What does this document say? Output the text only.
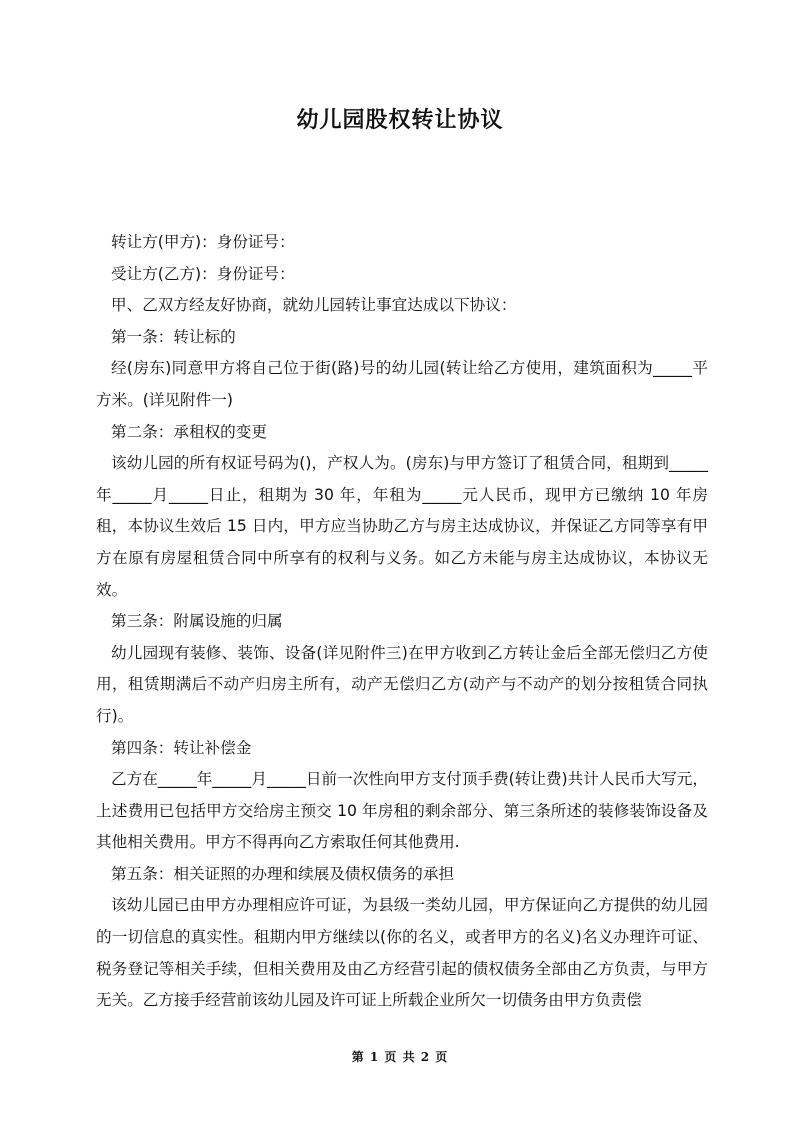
幼儿园股权转让协议

转让方(甲方)：身份证号：

受让方(乙方)：身份证号：

甲、乙双方经友好协商，就幼儿园转让事宜达成以下协议：

第一条：转让标的

经(房东)同意甲方将自己位于街(路)号的幼儿园(转让给乙方使用，建筑面积为_____平方米。(详见附件一)

第二条：承租权的变更

该幼儿园的所有权证号码为()，产权人为。(房东)与甲方签订了租赁合同，租期到_____年_____月_____日止，租期为 30 年，年租为_____元人民币，现甲方已缴纳 10 年房租，本协议生效后 15 日内，甲方应当协助乙方与房主达成协议，并保证乙方同等享有甲方在原有房屋租赁合同中所享有的权利与义务。如乙方未能与房主达成协议，本协议无效。

第三条：附属设施的归属

幼儿园现有装修、装饰、设备(详见附件三)在甲方收到乙方转让金后全部无偿归乙方使用，租赁期满后不动产归房主所有，动产无偿归乙方(动产与不动产的划分按租赁合同执行)。

第四条：转让补偿金

乙方在_____年_____月_____日前一次性向甲方支付顶手费(转让费)共计人民币大写元，上述费用已包括甲方交给房主预交 10 年房租的剩余部分、第三条所述的装修装饰设备及其他相关费用。甲方不得再向乙方索取任何其他费用.

第五条：相关证照的办理和续展及债权债务的承担

该幼儿园已由甲方办理相应许可证，为县级一类幼儿园，甲方保证向乙方提供的幼儿园的一切信息的真实性。租期内甲方继续以(你的名义，或者甲方的名义)名义办理许可证、税务登记等相关手续，但相关费用及由乙方经营引起的债权债务全部由乙方负责，与甲方无关。乙方接手经营前该幼儿园及许可证上所载企业所欠一切债务由甲方负责偿

第 1 页 共 2 页
